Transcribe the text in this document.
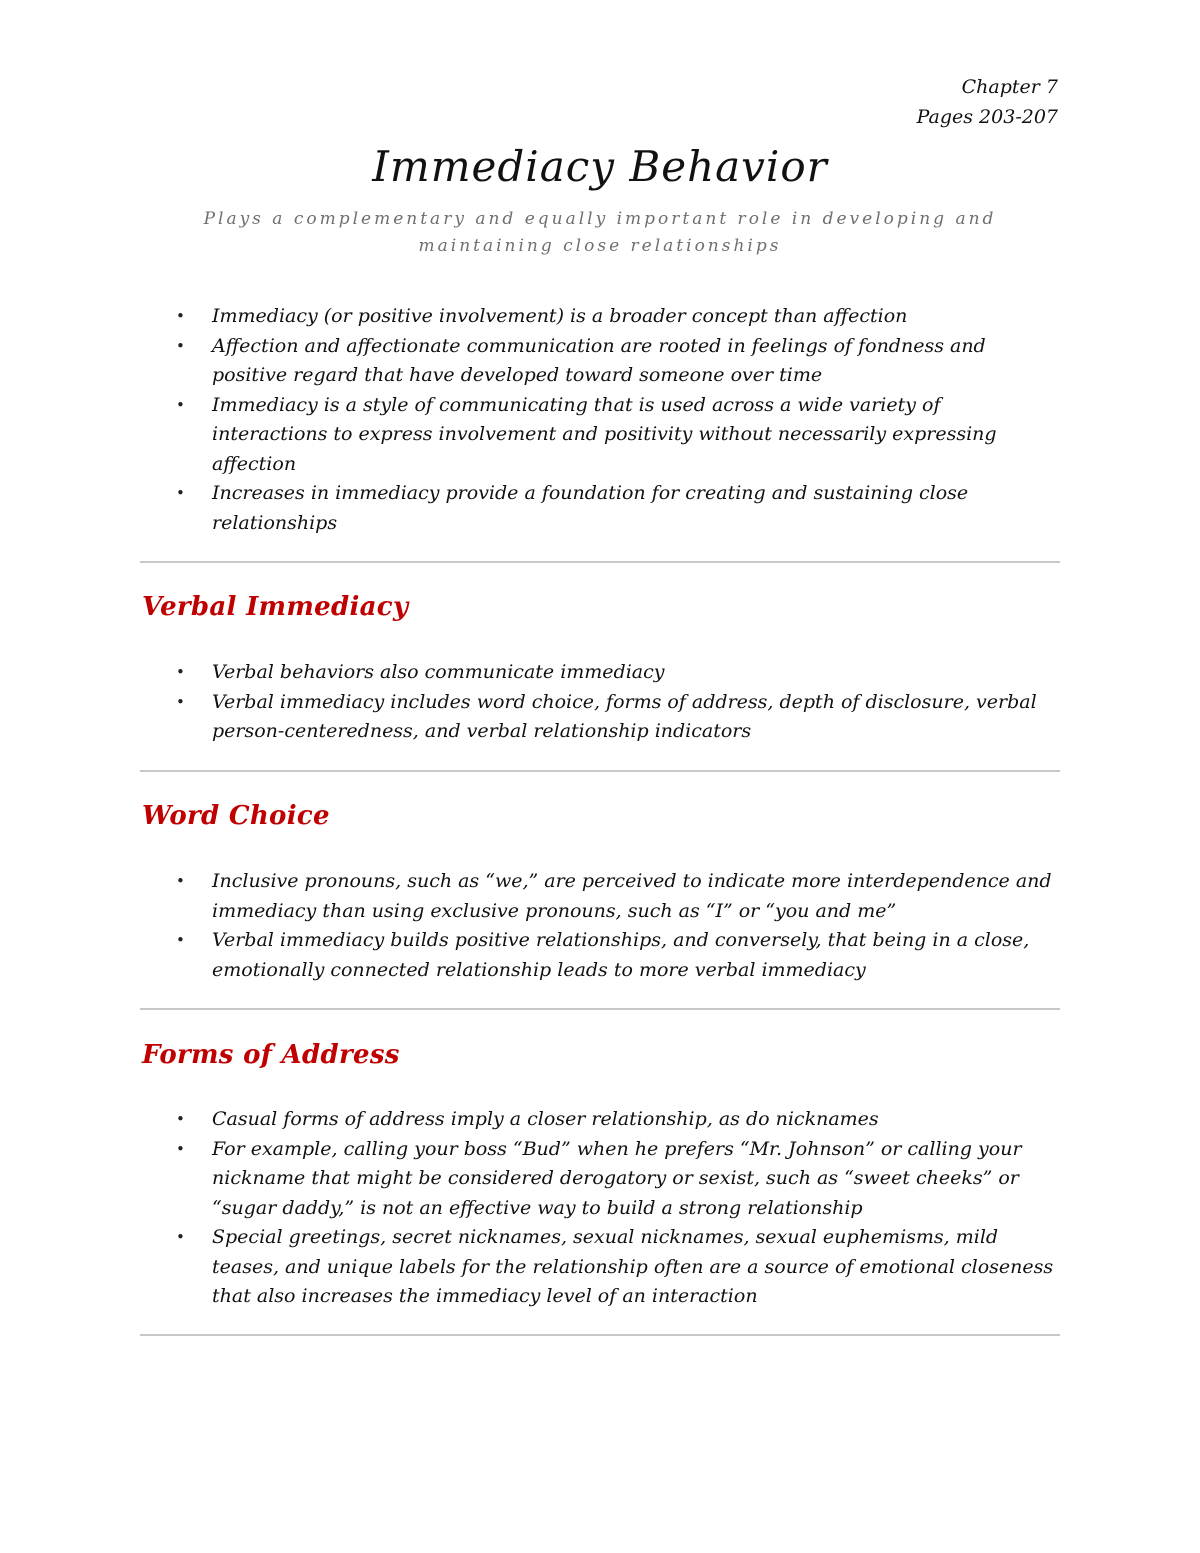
Chapter 7
Pages 203-207
Immediacy Behavior
Plays a complementary and equally important role in developing and maintaining close relationships
• Immediacy (or positive involvement) is a broader concept than affection
• Affection and affectionate communication are rooted in feelings of fondness and positive regard that have developed toward someone over time
• Immediacy is a style of communicating that is used across a wide variety of interactions to express involvement and positivity without necessarily expressing affection
• Increases in immediacy provide a foundation for creating and sustaining close relationships
Verbal Immediacy
• Verbal behaviors also communicate immediacy
• Verbal immediacy includes word choice, forms of address, depth of disclosure, verbal person-centeredness, and verbal relationship indicators
Word Choice
• Inclusive pronouns, such as “we,” are perceived to indicate more interdependence and immediacy than using exclusive pronouns, such as “I” or “you and me”
• Verbal immediacy builds positive relationships, and conversely, that being in a close, emotionally connected relationship leads to more verbal immediacy
Forms of Address
• Casual forms of address imply a closer relationship, as do nicknames
• For example, calling your boss “Bud” when he prefers “Mr. Johnson” or calling your nickname that might be considered derogatory or sexist, such as “sweet cheeks” or “sugar daddy,” is not an effective way to build a strong relationship
• Special greetings, secret nicknames, sexual nicknames, sexual euphemisms, mild teases, and unique labels for the relationship often are a source of emotional closeness that also increases the immediacy level of an interaction
